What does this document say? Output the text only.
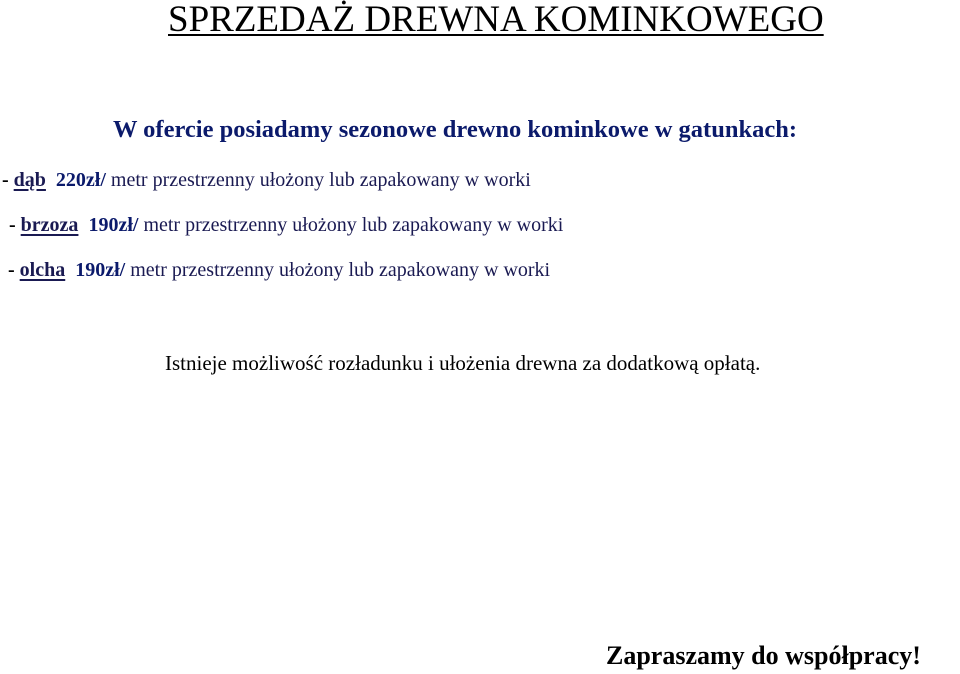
SPRZEDAŻ DREWNA KOMINKOWEGO
W ofercie posiadamy sezonowe drewno kominkowe w gatunkach:
- dąb 220zł/ metr przestrzenny ułożony lub zapakowany w worki
- brzoza 190zł/ metr przestrzenny ułożony lub zapakowany w worki
- olcha 190zł/ metr przestrzenny ułożony lub zapakowany w worki
Istnieje możliwość rozładunku i ułożenia drewna za dodatkową opłatą.
Zapraszamy do współpracy!
